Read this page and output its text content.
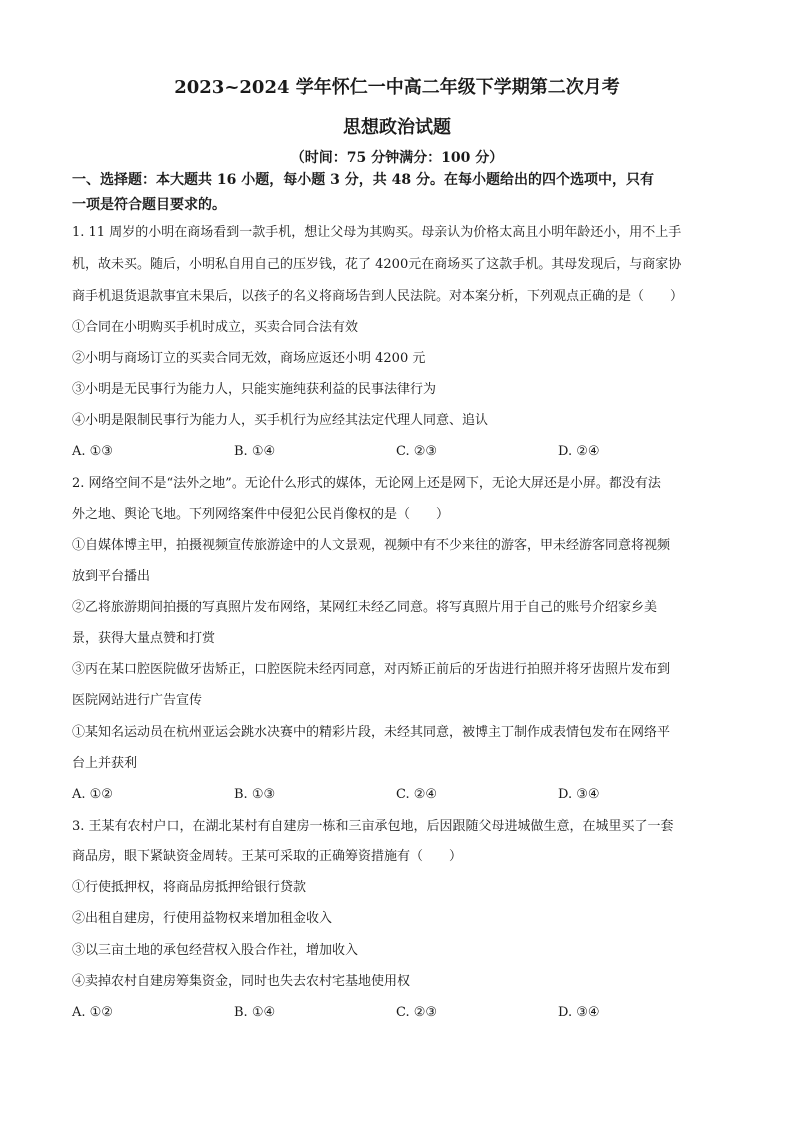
2023~2024 学年怀仁一中高二年级下学期第二次月考
思想政治试题
（时间：75 分钟满分：100 分）
一、选择题：本大题共 16 小题，每小题 3 分，共 48 分。在每小题给出的四个选项中，只有
一项是符合题目要求的。
1. 11 周岁的小明在商场看到一款手机，想让父母为其购买。母亲认为价格太高且小明年龄还小，用不上手
机，故未买。随后，小明私自用自己的压岁钱，花了 4200元在商场买了这款手机。其母发现后，与商家协
商手机退货退款事宜未果后，以孩子的名义将商场告到人民法院。对本案分析，下列观点正确的是（　　）
①合同在小明购买手机时成立，买卖合同合法有效
②小明与商场订立的买卖合同无效，商场应返还小明 4200 元
③小明是无民事行为能力人，只能实施纯获利益的民事法律行为
④小明是限制民事行为能力人，买手机行为应经其法定代理人同意、追认
A. ①③	B. ①④	C. ②③	D. ②④
2. 网络空间不是“法外之地”。无论什么形式的媒体，无论网上还是网下，无论大屏还是小屏。都没有法
外之地、舆论飞地。下列网络案件中侵犯公民肖像权的是（　　）
①自媒体博主甲，拍摄视频宣传旅游途中的人文景观，视频中有不少来往的游客，甲未经游客同意将视频
放到平台播出
②乙将旅游期间拍摄的写真照片发布网络，某网红未经乙同意。将写真照片用于自己的账号介绍家乡美
景，获得大量点赞和打赏
③丙在某口腔医院做牙齿矫正，口腔医院未经丙同意，对丙矫正前后的牙齿进行拍照并将牙齿照片发布到
医院网站进行广告宣传
①某知名运动员在杭州亚运会跳水决赛中的精彩片段，未经其同意，被博主丁制作成表情包发布在网络平
台上并获利
A. ①②	B. ①③	C. ②④	D. ③④
3. 王某有农村户口，在湖北某村有自建房一栋和三亩承包地，后因跟随父母进城做生意，在城里买了一套
商品房，眼下紧缺资金周转。王某可采取的正确筹资措施有（　　）
①行使抵押权，将商品房抵押给银行贷款
②出租自建房，行使用益物权来增加租金收入
③以三亩土地的承包经营权入股合作社，增加收入
④卖掉农村自建房筹集资金，同时也失去农村宅基地使用权
A. ①②	B. ①④	C. ②③	D. ③④
